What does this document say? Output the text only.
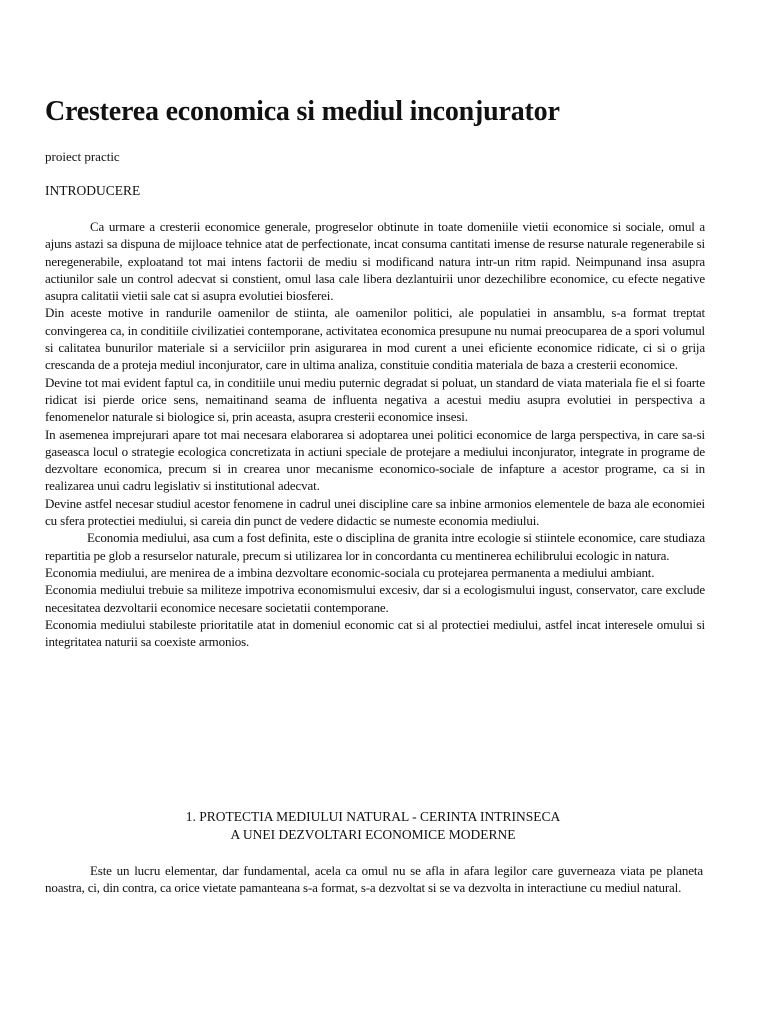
Cresterea economica si mediul inconjurator

proiect practic

INTRODUCERE

Ca urmare a cresterii economice generale, progreselor obtinute in toate domeniile vietii economice si sociale, omul a ajuns astazi sa dispuna de mijloace tehnice atat de perfectionate, incat consuma cantitati imense de resurse naturale regenerabile si neregenerabile, exploatand tot mai intens factorii de mediu si modificand natura intr-un ritm rapid. Neimpunand insa asupra actiunilor sale un control adecvat si constient, omul lasa cale libera dezlantuirii unor dezechilibre economice, cu efecte negative asupra calitatii vietii sale cat si asupra evolutiei biosferei.

Din aceste motive in randurile oamenilor de stiinta, ale oamenilor politici, ale populatiei in ansamblu, s-a format treptat convingerea ca, in conditiile civilizatiei contemporane, activitatea economica presupune nu numai preocuparea de a spori volumul si calitatea bunurilor materiale si a serviciilor prin asigurarea in mod curent a unei eficiente economice ridicate, ci si o grija crescanda de a proteja mediul inconjurator, care in ultima analiza, constituie conditia materiala de baza a cresterii economice.

Devine tot mai evident faptul ca, in conditiile unui mediu puternic degradat si poluat, un standard de viata materiala fie el si foarte ridicat isi pierde orice sens, nemaitinand seama de influenta negativa a acestui mediu asupra evolutiei in perspectiva a fenomenelor naturale si biologice si, prin aceasta, asupra cresterii economice insesi.

In asemenea imprejurari apare tot mai necesara elaborarea si adoptarea unei politici economice de larga perspectiva, in care sa-si gaseasca locul o strategie ecologica concretizata in actiuni speciale de protejare a mediului inconjurator, integrate in programe de dezvoltare economica, precum si in crearea unor mecanisme economico-sociale de infapture a acestor programe, ca si in realizarea unui cadru legislativ si institutional adecvat.

Devine astfel necesar studiul acestor fenomene in cadrul unei discipline care sa inbine armonios elementele de baza ale economiei cu sfera protectiei mediului, si careia din punct de vedere didactic se numeste economia mediului.

Economia mediului, asa cum a fost definita, este o disciplina de granita intre ecologie si stiintele economice, care studiaza repartitia pe glob a resurselor naturale, precum si utilizarea lor in concordanta cu mentinerea echilibrului ecologic in natura.

Economia mediului, are menirea de a imbina dezvoltare economic-sociala cu protejarea permanenta a mediului ambiant.

Economia mediului trebuie sa militeze impotriva economismului excesiv, dar si a ecologismului ingust, conservator, care exclude necesitatea dezvoltarii economice necesare societatii contemporane.

Economia mediului stabileste prioritatile atat in domeniul economic cat si al protectiei mediului, astfel incat interesele omului si integritatea naturii sa coexiste armonios.

1. PROTECTIA MEDIULUI NATURAL - CERINTA INTRINSECA
A UNEI DEZVOLTARI ECONOMICE MODERNE

Este un lucru elementar, dar fundamental, acela ca omul nu se afla in afara legilor care guverneaza viata pe planeta noastra, ci, din contra, ca orice vietate pamanteana s-a format, s-a dezvoltat si se va dezvolta in interactiune cu mediul natural.
